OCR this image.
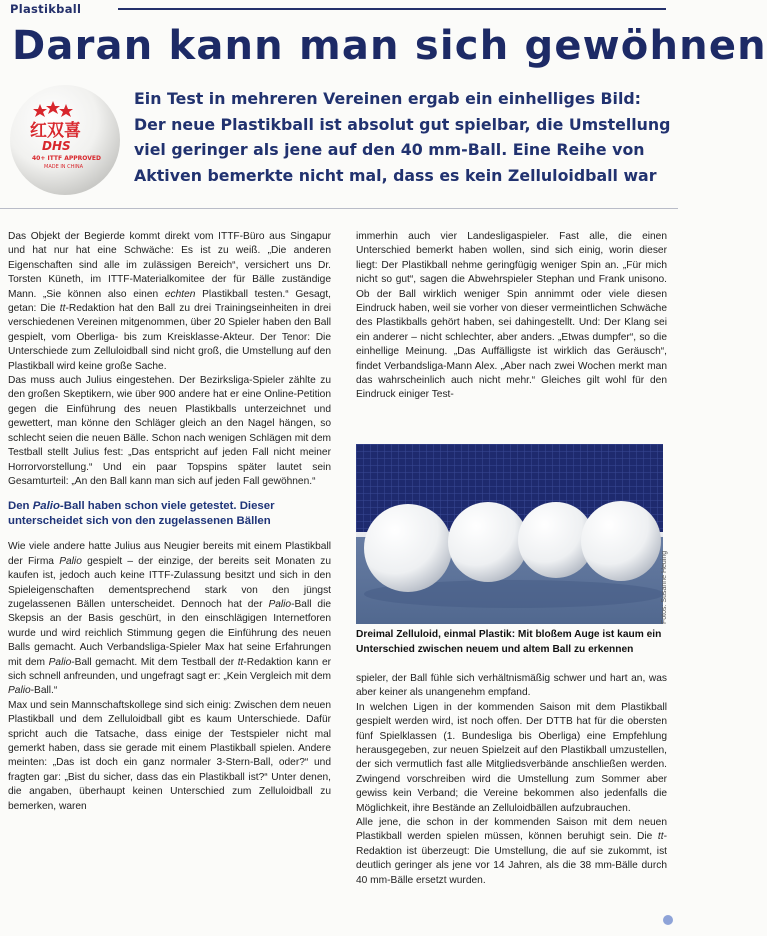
Plastikball
Daran kann man sich gewöhnen
红双喜
DHS
40+ ITTF APPROVED
MADE IN CHINA
Ein Test in mehreren Vereinen ergab ein einhelliges Bild:
Der neue Plastikball ist absolut gut spielbar, die Umstellung
viel geringer als jene auf den 40 mm-Ball. Eine Reihe von
Aktiven bemerkte nicht mal, dass es kein Zelluloidball war

Das Objekt der Begierde kommt direkt vom ITTF-Büro aus Singapur und hat nur hat eine Schwäche: Es ist zu weiß. „Die anderen Eigenschaften sind alle im zulässigen Bereich“, versichert uns Dr. Torsten Küneth, im ITTF-Materialkomitee der für Bälle zuständige Mann. „Sie können also einen echten Plastikball testen.“ Gesagt, getan: Die tt-Redaktion hat den Ball zu drei Trainingseinheiten in drei verschiedenen Vereinen mitgenommen, über 20 Spieler haben den Ball gespielt, vom Oberliga- bis zum Kreisklasse-Akteur. Der Tenor: Die Unterschiede zum Zelluloidball sind nicht groß, die Umstellung auf den Plastikball wird keine große Sache.

Das muss auch Julius eingestehen. Der Bezirksliga-Spieler zählte zu den großen Skeptikern, wie über 900 andere hat er eine Online-Petition gegen die Einführung des neuen Plastikballs unterzeichnet und gewettert, man könne den Schläger gleich an den Nagel hängen, so schlecht seien die neuen Bälle. Schon nach wenigen Schlägen mit dem Testball stellt Julius fest: „Das entspricht auf jeden Fall nicht meiner Horrorvorstellung.“ Und ein paar Topspins später lautet sein Gesamturteil: „An den Ball kann man sich auf jeden Fall gewöhnen.“

Den Palio-Ball haben schon viele getestet. Dieser unterscheidet sich von den zugelassenen Bällen

Wie viele andere hatte Julius aus Neugier bereits mit einem Plastikball der Firma Palio gespielt – der einzige, der bereits seit Monaten zu kaufen ist, jedoch auch keine ITTF-Zulassung besitzt und sich in den Spieleigenschaften dementsprechend stark von den jüngst zugelassenen Bällen unterscheidet. Dennoch hat der Palio-Ball die Skepsis an der Basis geschürt, in den einschlägigen Internetforen wurde und wird reichlich Stimmung gegen die Einführung des neuen Balls gemacht. Auch Verbandsliga-Spieler Max hat seine Erfahrungen mit dem Palio-Ball gemacht. Mit dem Testball der tt-Redaktion kann er sich schnell anfreunden, und ungefragt sagt er: „Kein Vergleich mit dem Palio-Ball.“

Max und sein Mannschaftskollege sind sich einig: Zwischen dem neuen Plastikball und dem Zelluloidball gibt es kaum Unterschiede. Dafür spricht auch die Tatsache, dass einige der Testspieler nicht mal gemerkt haben, dass sie gerade mit einem Plastikball spielen. Andere meinten: „Das ist doch ein ganz normaler 3-Stern-Ball, oder?“ und fragten gar: „Bist du sicher, dass das ein Plastikball ist?“ Unter denen, die angaben, überhaupt keinen Unterschied zum Zelluloidball zu bemerken, waren

immerhin auch vier Landesligaspieler. Fast alle, die einen Unterschied bemerkt haben wollen, sind sich einig, worin dieser liegt: Der Plastikball nehme geringfügig weniger Spin an. „Für mich nicht so gut“, sagen die Abwehrspieler Stephan und Frank unisono. Ob der Ball wirklich weniger Spin annimmt oder viele diesen Eindruck haben, weil sie vorher von dieser vermeintlichen Schwäche des Plastikballs gehört haben, sei dahingestellt. Und: Der Klang sei ein anderer – nicht schlechter, aber anders. „Etwas dumpfer“, so die einhellige Meinung. „Das Auffälligste ist wirklich das Geräusch“, findet Verbandsliga-Mann Alex. „Aber nach zwei Wochen merkt man das wahrscheinlich auch nicht mehr.“ Gleiches gilt wohl für den Eindruck einiger Test-

Fotos: Susanne Heuing
Dreimal Zelluloid, einmal Plastik: Mit bloßem Auge ist kaum ein Unterschied zwischen neuem und altem Ball zu erkennen

spieler, der Ball fühle sich verhältnismäßig schwer und hart an, was aber keiner als unangenehm empfand.

In welchen Ligen in der kommenden Saison mit dem Plastikball gespielt werden wird, ist noch offen. Der DTTB hat für die obersten fünf Spielklassen (1. Bundesliga bis Oberliga) eine Empfehlung herausgegeben, zur neuen Spielzeit auf den Plastikball umzustellen, der sich vermutlich fast alle Mitgliedsverbände anschließen werden. Zwingend vorschreiben wird die Umstellung zum Sommer aber gewiss kein Verband; die Vereine bekommen also jedenfalls die Möglichkeit, ihre Bestände an Zelluloidbällen aufzubrauchen.

Alle jene, die schon in der kommenden Saison mit dem neuen Plastikball werden spielen müssen, können beruhigt sein. Die tt-Redaktion ist überzeugt: Die Umstellung, die auf sie zukommt, ist deutlich geringer als jene vor 14 Jahren, als die 38 mm-Bälle durch 40 mm-Bälle ersetzt wurden.
